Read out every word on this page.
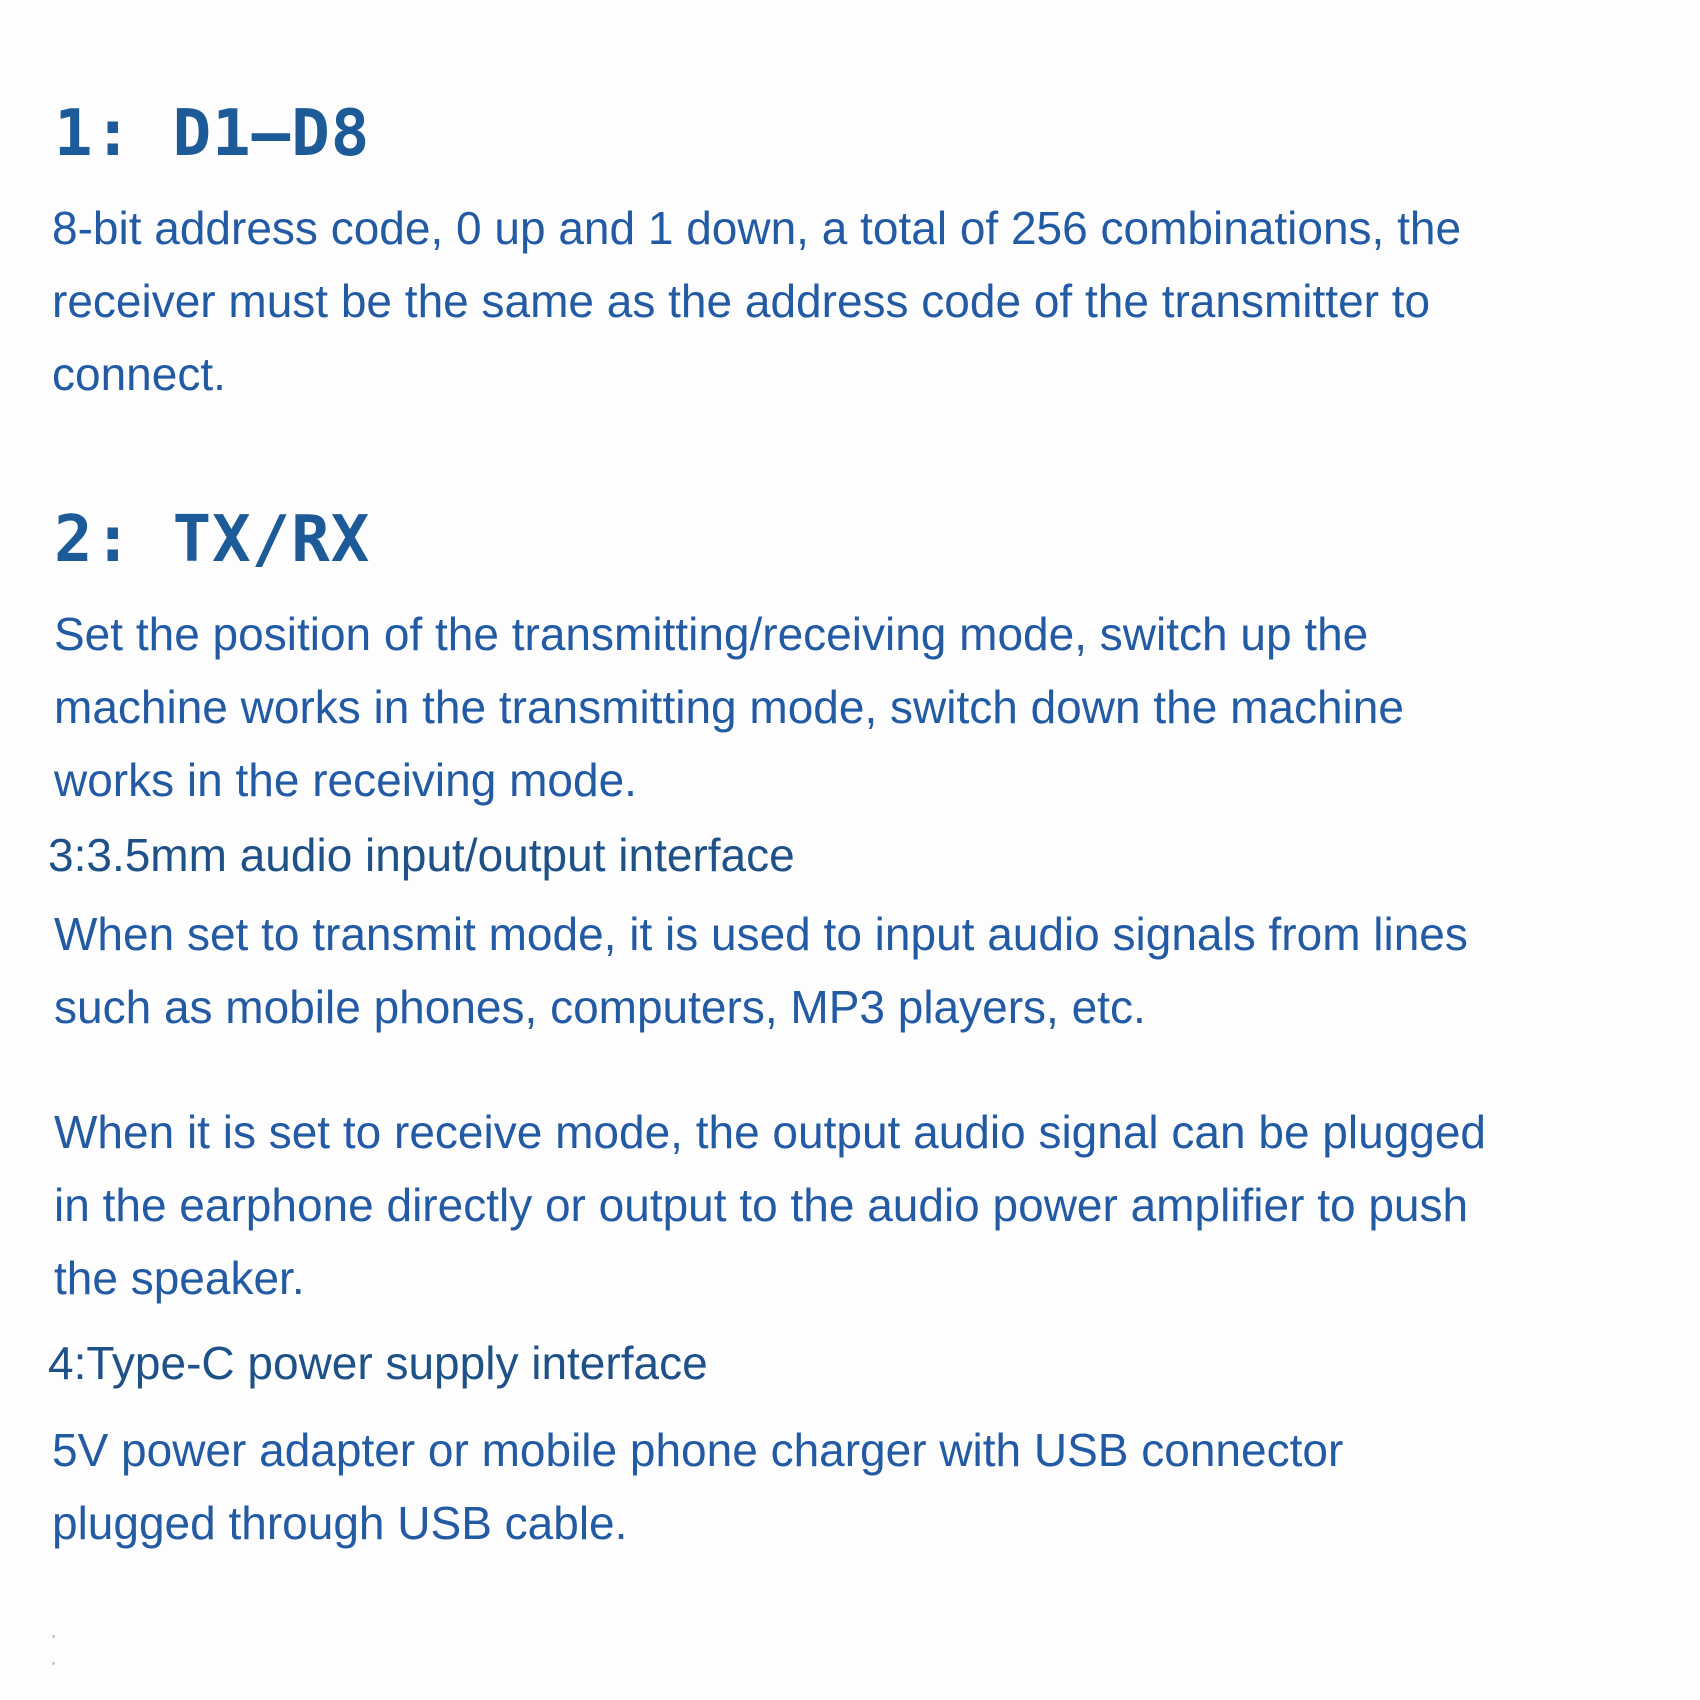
1: D1—D8
8-bit address code, 0 up and 1 down, a total of 256 combinations, the
receiver must be the same as the address code of the transmitter to
connect.
2: TX/RX
Set the position of the transmitting/receiving mode, switch up the
machine works in the transmitting mode, switch down the machine
works in the receiving mode.
3:3.5mm audio input/output interface
When set to transmit mode, it is used to input audio signals from lines
such as mobile phones, computers, MP3 players, etc.
When it is set to receive mode, the output audio signal can be plugged
in the earphone directly or output to the audio power amplifier to push
the speaker.
4:Type-C power supply interface
5V power adapter or mobile phone charger with USB connector
plugged through USB cable.
